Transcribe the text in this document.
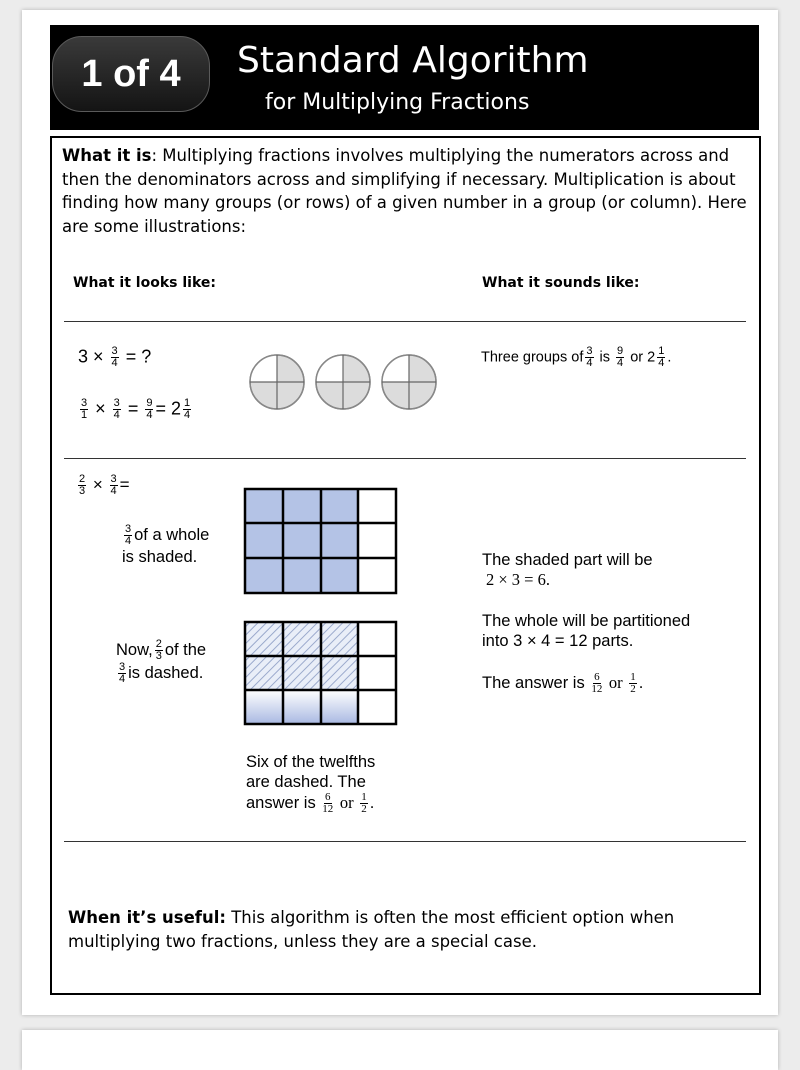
1 of 4	Standard Algorithm
for Multiplying Fractions
What it is: Multiplying fractions involves multiplying the numerators across and then the denominators across and simplifying if necessary. Multiplication is about finding how many groups (or rows) of a given number in a group (or column). Here are some illustrations:
What it looks like:	What it sounds like:
$3 \times \frac{3}{4}$ = ?
$\frac{3}{1} \times \frac{3}{4} = \frac{9}{4} = 2 \frac{1}{4}$
Three groups of $\frac{3}{4}$ is $\frac{9}{4}$ or $2 \frac{1}{4}$ .
$\frac{2}{3} \times \frac{3}{4}$ =
$\frac{3}{4}$ of a whole
is shaded.
Now, $\frac{2}{3}$ of the

$\frac{3}{4}$ is dashed.
Six of the twelfths
are dashed. The
answer is $\frac{6}{12}$ or $\frac{1}{2}$ .
The shaded part will be
2 × 3 = 6.
The whole will be partitioned
into 3 × 4 = 12 parts.
The answer is $\frac{6}{12}$ or $\frac{1}{2}$ .
When it’s useful: This algorithm is often the most efficient option when multiplying two fractions, unless they are a special case.
